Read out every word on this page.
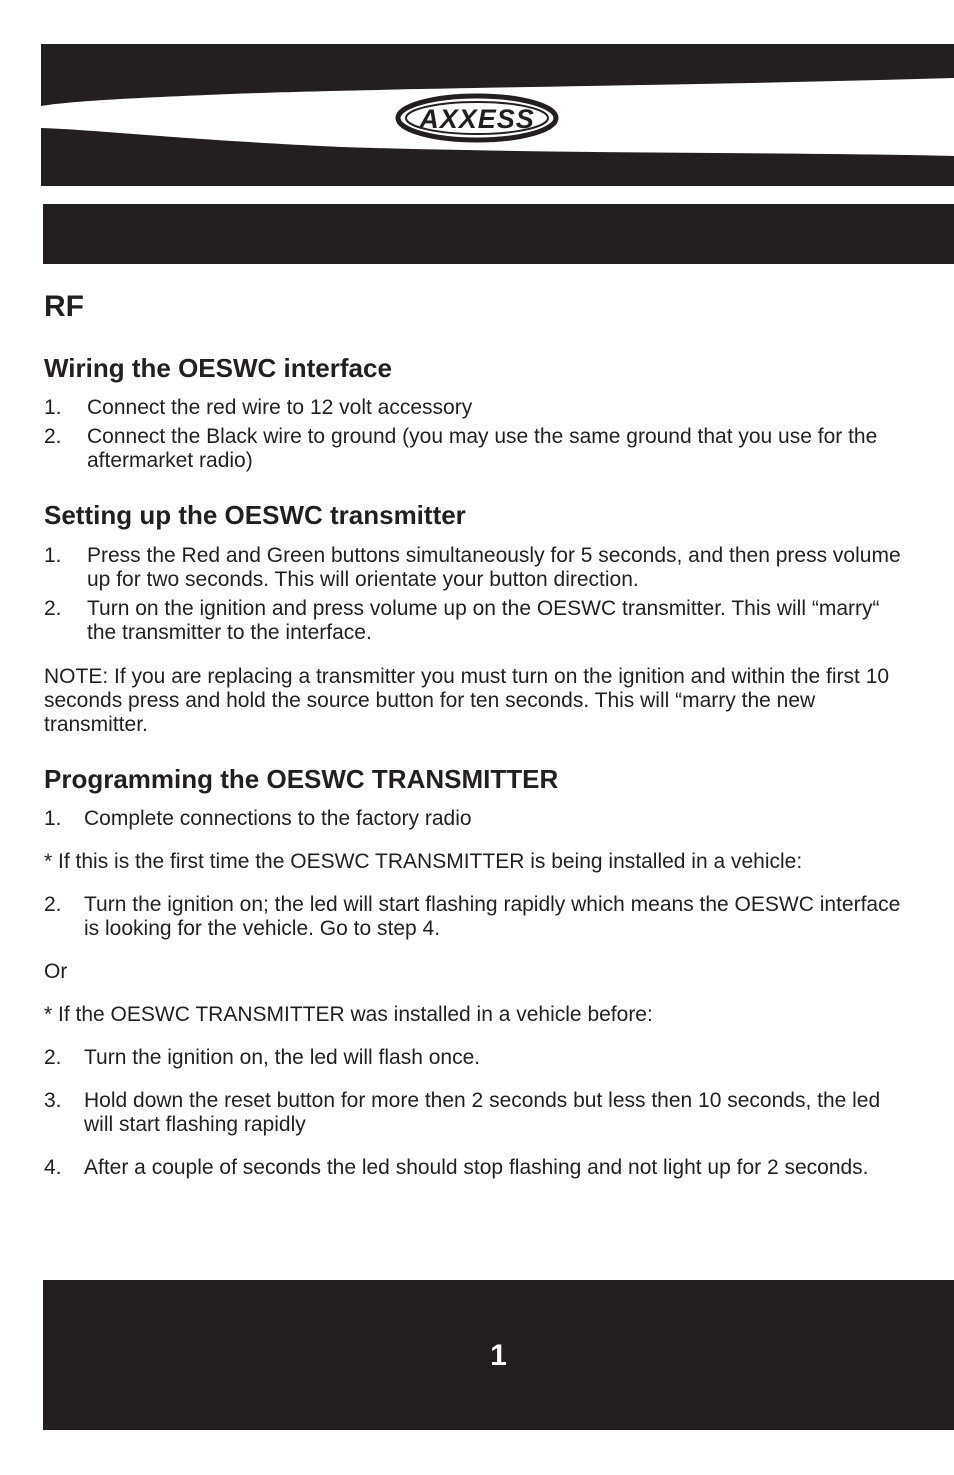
AXXESS
RF
Wiring the OESWC interface
1.	Connect the red wire to 12 volt accessory
2.	Connect the Black wire to ground (you may use the same ground that you use for the aftermarket radio)
Setting up the OESWC transmitter
1.	Press the Red and Green buttons simultaneously for 5 seconds, and then press volume up for two seconds. This will orientate your button direction.
2.	Turn on the ignition and press volume up on the OESWC transmitter. This will “marry“ the transmitter to the interface.

NOTE: If you are replacing a transmitter you must turn on the ignition and within the first 10 seconds press and hold the source button for ten seconds. This will “marry the new transmitter.

Programming the OESWC TRANSMITTER
1.	Complete connections to the factory radio

* If this is the first time the OESWC TRANSMITTER is being installed in a vehicle:

2.	Turn the ignition on; the led will start flashing rapidly which means the OESWC interface is looking for the vehicle. Go to step 4.

Or

* If the OESWC TRANSMITTER was installed in a vehicle before:

2.	Turn the ignition on, the led will flash once.
3.	Hold down the reset button for more then 2 seconds but less then 10 seconds, the led will start flashing rapidly
4.	After a couple of seconds the led should stop flashing and not light up for 2 seconds.
1
